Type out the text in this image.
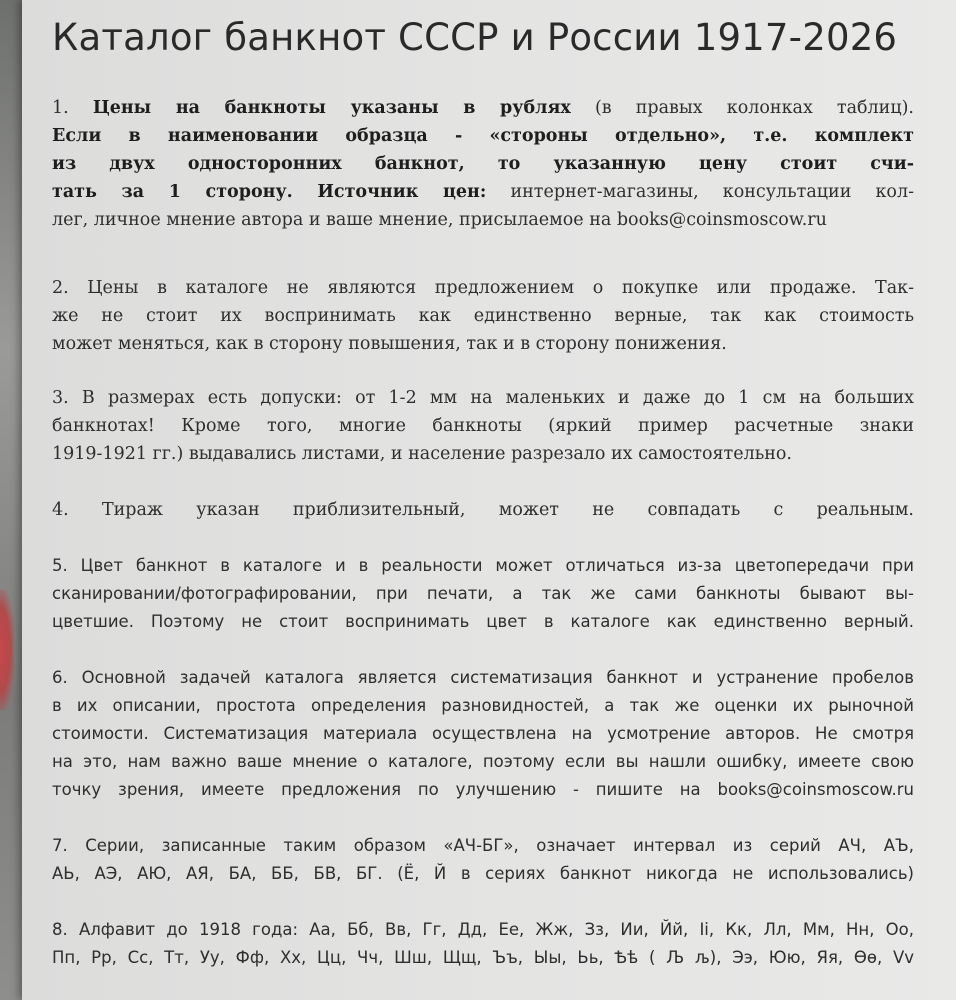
Каталог банкнот СССР и России 1917-2026
1. Цены на банкноты указаны в рублях (в правых колонках таблиц).
Если в наименовании образца - «стороны отдельно», т.е. комплект
из двух односторонних банкнот, то указанную цену стоит счи-
тать за 1 сторону. Источник цен: интернет-магазины, консультации кол-
лег, личное мнение автора и ваше мнение, присылаемое на books@coinsmoscow.ru
2. Цены в каталоге не являются предложением о покупке или продаже. Так-
же не стоит их воспринимать как единственно верные, так как стоимость
может меняться, как в сторону повышения, так и в сторону понижения.
3. В размерах есть допуски: от 1-2 мм на маленьких и даже до 1 см на больших
банкнотах! Кроме того, многие банкноты (яркий пример расчетные знаки
1919-1921 гг.) выдавались листами, и население разрезало их самостоятельно.
4. Тираж указан приблизительный, может не совпадать с реальным.
5. Цвет банкнот в каталоге и в реальности может отличаться из-за цветопередачи при
сканировании/фотографировании, при печати, а так же сами банкноты бывают вы-
цветшие. Поэтому не стоит воспринимать цвет в каталоге как единственно верный.
6. Основной задачей каталога является систематизация банкнот и устранение пробелов
в их описании, простота определения разновидностей, а так же оценки их рыночной
стоимости. Систематизация материала осуществлена на усмотрение авторов. Не смотря
на это, нам важно ваше мнение о каталоге, поэтому если вы нашли ошибку, имеете свою
точку зрения, имеете предложения по улучшению - пишите на books@coinsmoscow.ru
7. Серии, записанные таким образом «АЧ-БГ», означает интервал из серий АЧ, АЪ,
АЬ, АЭ, АЮ, АЯ, БА, ББ, БВ, БГ. (Ё, Й в сериях банкнот никогда не использовались)
8. Алфавит до 1918 года: Аа, Бб, Вв, Гг, Дд, Ее, Жж, Зз, Ии, Йй, Іі, Кк, Лл, Мм, Нн, Оо,
Пп, Рр, Сс, Тт, Уу, Фф, Хх, Цц, Чч, Шш, Щщ, Ъъ, Ыы, Ьь, Ѣѣ ( Љ љ), Ээ, Юю, Яя, Ѳѳ, Vv
